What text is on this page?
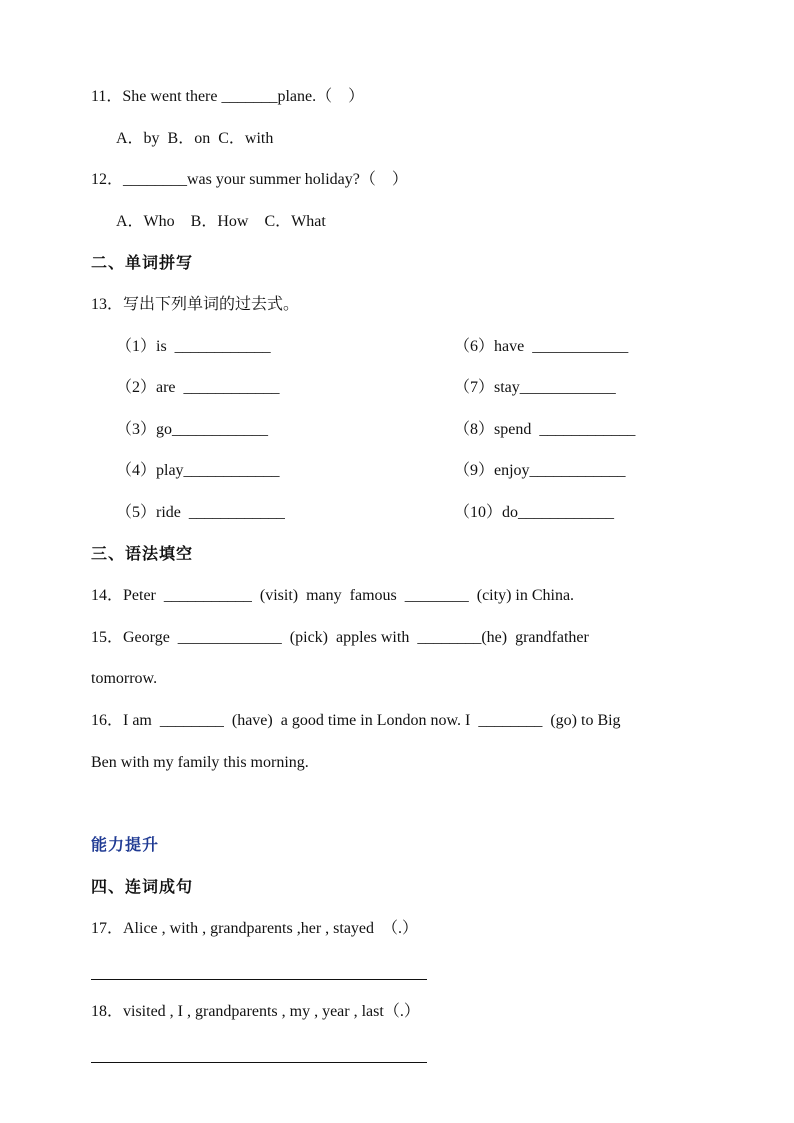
11．She went there _______plane.（    ）
A．by  B．on  C．with
12．________was your summer holiday?（    ）
A．Who    B．How    C．What
二、单词拼写
13．写出下列单词的过去式。
（1）is  ____________	（6）have  ____________
（2）are  ____________	（7）stay____________
（3）go____________	（8）spend  ____________
（4）play____________	（9）enjoy____________
（5）ride  ____________	（10）do____________
三、语法填空
14．Peter  ___________  (visit)  many  famous  ________  (city) in China.
15．George  _____________  (pick)  apples with  ________(he)  grandfather
tomorrow.
16．I am  ________  (have)  a good time in London now. I  ________  (go) to Big
Ben with my family this morning.
能力提升
四、连词成句
17．Alice , with , grandparents ,her , stayed  （.）
18．visited , I , grandparents , my , year , last（.）
